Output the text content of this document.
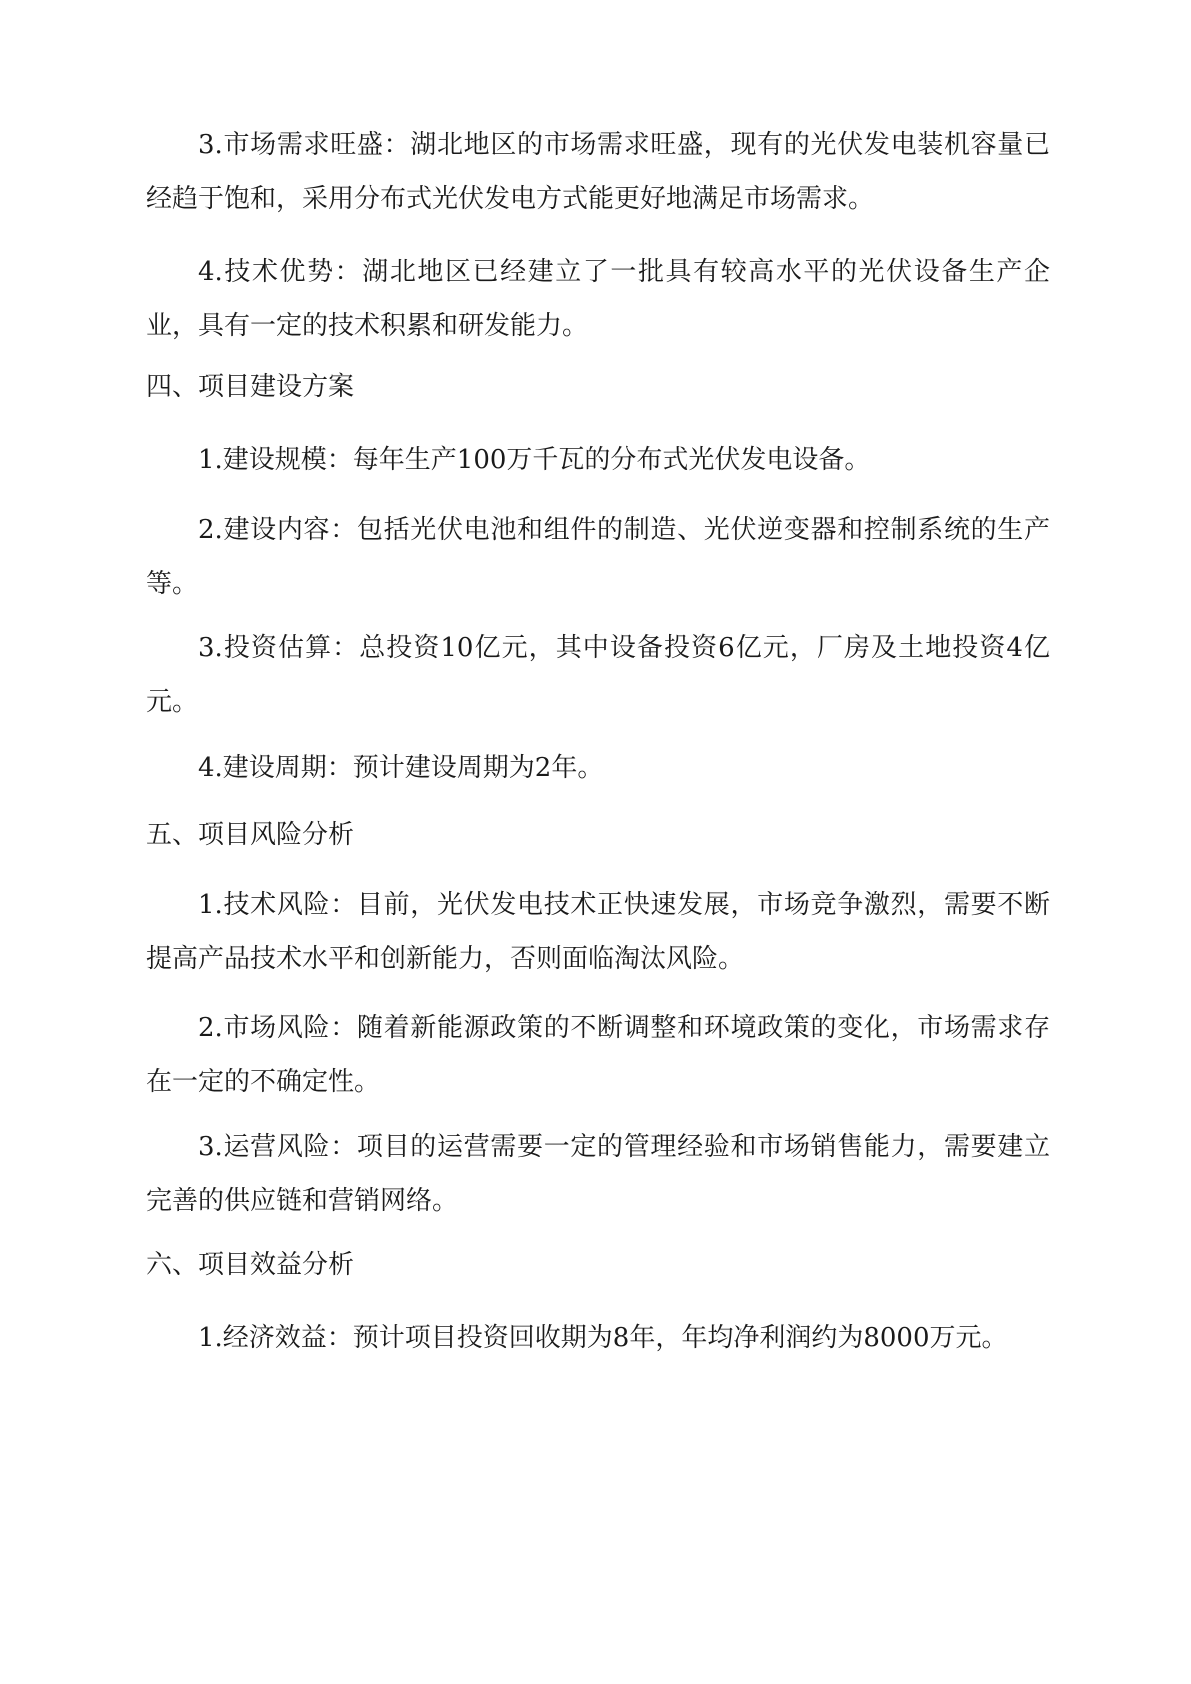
3.市场需求旺盛：湖北地区的市场需求旺盛，现有的光伏发电装机容量已经趋于饱和，采用分布式光伏发电方式能更好地满足市场需求。

4.技术优势：湖北地区已经建立了一批具有较高水平的光伏设备生产企业，具有一定的技术积累和研发能力。

四、项目建设方案

1.建设规模：每年生产100万千瓦的分布式光伏发电设备。

2.建设内容：包括光伏电池和组件的制造、光伏逆变器和控制系统的生产等。

3.投资估算：总投资10亿元，其中设备投资6亿元，厂房及土地投资4亿元。

4.建设周期：预计建设周期为2年。

五、项目风险分析

1.技术风险：目前，光伏发电技术正快速发展，市场竞争激烈，需要不断提高产品技术水平和创新能力，否则面临淘汰风险。

2.市场风险：随着新能源政策的不断调整和环境政策的变化，市场需求存在一定的不确定性。

3.运营风险：项目的运营需要一定的管理经验和市场销售能力，需要建立完善的供应链和营销网络。

六、项目效益分析

1.经济效益：预计项目投资回收期为8年，年均净利润约为8000万元。
